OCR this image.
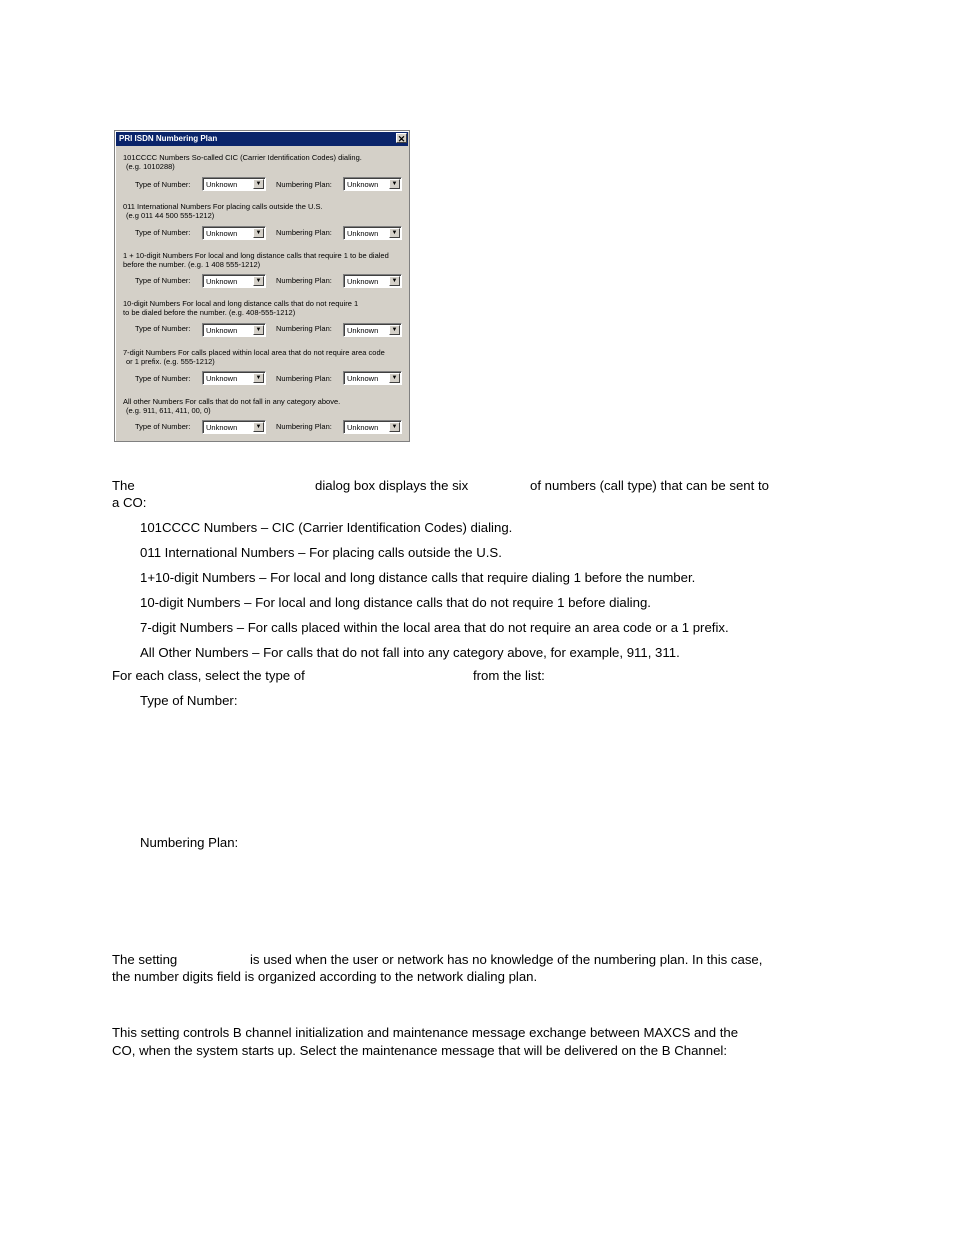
PRI ISDN Numbering Plan	✕
101CCCC Numbers So-called CIC (Carrier Identification Codes) dialing.
(e.g. 1010288)
Type of Number: Unknown	▼	Numbering Plan: Unknown	▼
011 International Numbers For placing calls outside the U.S.
(e.g 011 44 500 555-1212)
Type of Number: Unknown	▼	Numbering Plan: Unknown	▼
1 + 10-digit Numbers For local and long distance calls that require 1 to be dialed
before the number. (e.g. 1 408 555-1212)
Type of Number: Unknown	▼	Numbering Plan: Unknown	▼
10-digit Numbers For local and long distance calls that do not require 1
to be dialed before the number. (e.g. 408-555-1212)
Type of Number: Unknown	▼	Numbering Plan: Unknown	▼
7-digit Numbers For calls placed within local area that do not require area code
or 1 prefix. (e.g. 555-1212)
Type of Number: Unknown	▼	Numbering Plan: Unknown	▼
All other Numbers For calls that do not fall in any category above.
(e.g. 911, 611, 411, 00, 0)
Type of Number: Unknown	▼	Numbering Plan: Unknown	▼
The	dialog box displays the six	of numbers (call type) that can be sent to
a CO:
101CCCC Numbers – CIC (Carrier Identification Codes) dialing.
011 International Numbers – For placing calls outside the U.S.
1+10-digit Numbers – For local and long distance calls that require dialing 1 before the number.
10-digit Numbers – For local and long distance calls that do not require 1 before dialing.
7-digit Numbers – For calls placed within the local area that do not require an area code or a 1 prefix.
All Other Numbers – For calls that do not fall into any category above, for example, 911, 311.
For each class, select the type of	from the list:
Type of Number:
Numbering Plan:
The setting	is used when the user or network has no knowledge of the numbering plan. In this case,
the number digits field is organized according to the network dialing plan.
This setting controls B channel initialization and maintenance message exchange between MAXCS and the
CO, when the system starts up. Select the maintenance message that will be delivered on the B Channel:
